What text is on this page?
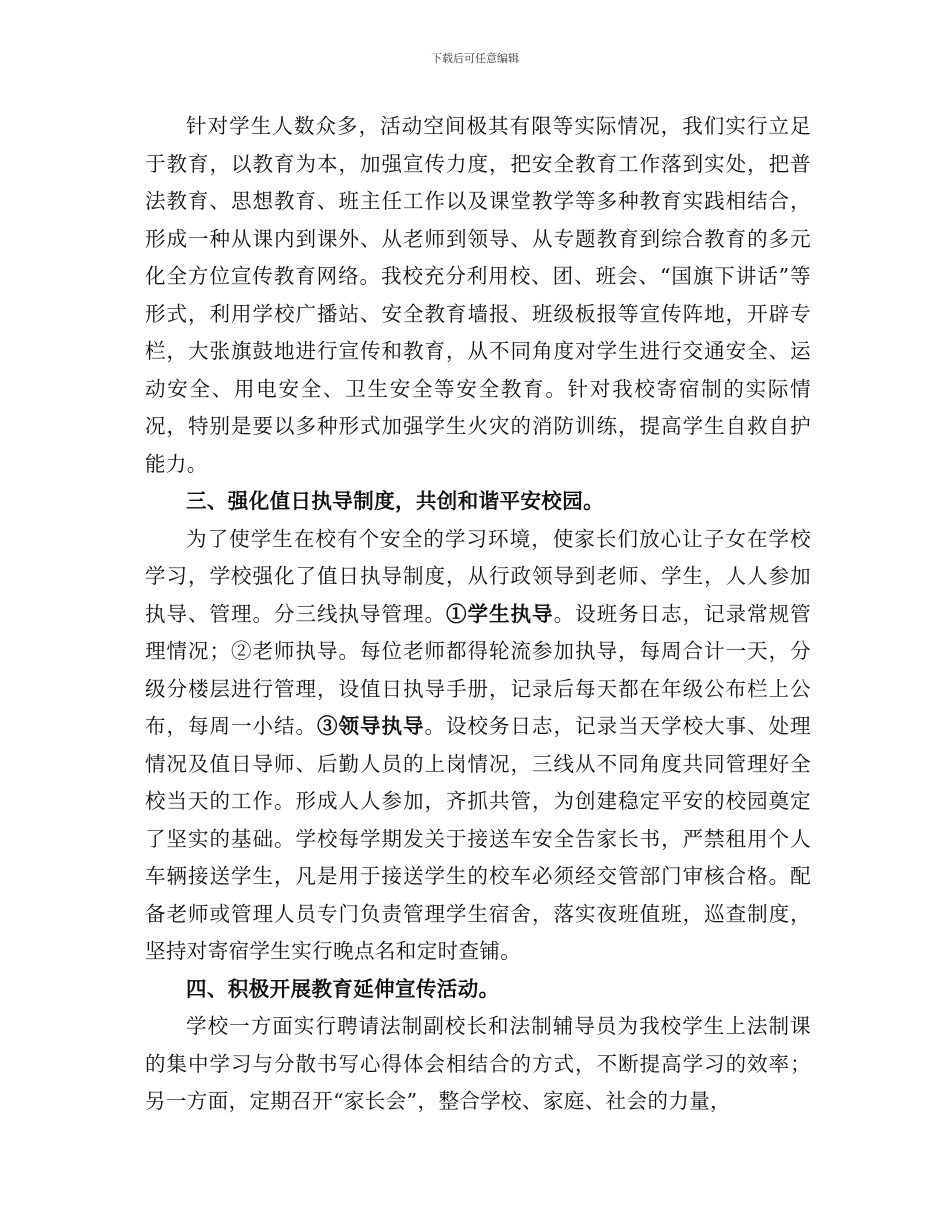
下载后可任意编辑

针对学生人数众多，活动空间极其有限等实际情况，我们实行立足于教育，以教育为本，加强宣传力度，把安全教育工作落到实处，把普法教育、思想教育、班主任工作以及课堂教学等多种教育实践相结合，形成一种从课内到课外、从老师到领导、从专题教育到综合教育的多元化全方位宣传教育网络。我校充分利用校、团、班会、“国旗下讲话”等形式，利用学校广播站、安全教育墙报、班级板报等宣传阵地，开辟专栏，大张旗鼓地进行宣传和教育，从不同角度对学生进行交通安全、运动安全、用电安全、卫生安全等安全教育。针对我校寄宿制的实际情况，特别是要以多种形式加强学生火灾的消防训练，提高学生自救自护能力。

三、强化值日执导制度，共创和谐平安校园。

为了使学生在校有个安全的学习环境，使家长们放心让子女在学校学习，学校强化了值日执导制度，从行政领导到老师、学生，人人参加执导、管理。分三线执导管理。①学生执导。设班务日志，记录常规管理情况；②老师执导。每位老师都得轮流参加执导，每周合计一天，分级分楼层进行管理，设值日执导手册，记录后每天都在年级公布栏上公布，每周一小结。③领导执导。设校务日志，记录当天学校大事、处理情况及值日导师、后勤人员的上岗情况，三线从不同角度共同管理好全校当天的工作。形成人人参加，齐抓共管，为创建稳定平安的校园奠定了坚实的基础。学校每学期发关于接送车安全告家长书，严禁租用个人车辆接送学生，凡是用于接送学生的校车必须经交管部门审核合格。配备老师或管理人员专门负责管理学生宿舍，落实夜班值班，巡查制度，坚持对寄宿学生实行晚点名和定时查铺。

四、积极开展教育延伸宣传活动。

学校一方面实行聘请法制副校长和法制辅导员为我校学生上法制课的集中学习与分散书写心得体会相结合的方式，不断提高学习的效率；另一方面，定期召开“家长会”，整合学校、家庭、社会的力量，
